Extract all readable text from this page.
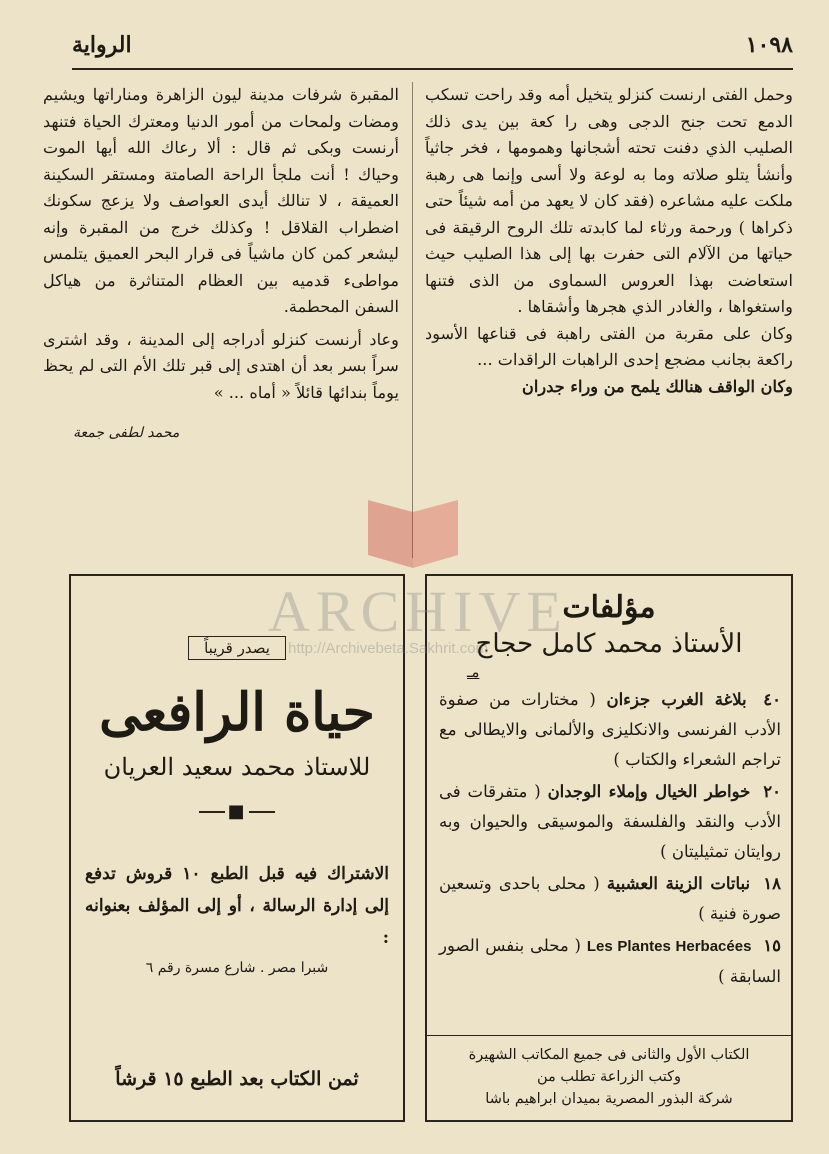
١٠٩٨
الرواية

وحمل الفتى ارنست كنزلو يتخيل أمه وقد راحت تسكب الدمع تحت جنح الدجى وهى را كعة بين يدى ذلك الصليب الذي دفنت تحته أشجانها وهمومها ، فخر جاثياً وأنشأ يتلو صلاته وما به لوعة ولا أسى وإنما هى رهبة ملكت عليه مشاعره (فقد كان لا يعهد من أمه شيئاً حتى ذكراها ) ورحمة ورثاء لما كابدته تلك الروح الرقيقة فى حياتها من الآلام التى حفرت بها إلى هذا الصليب حيث استعاضت بهذا العروس السماوى من الذى فتنها واستغواها ، والغادر الذي هجرها وأشقاها .

وكان على مقربة من الفتى راهبة فى قناعها الأسود راكعة بجانب مضجع إحدى الراهبات الراقدات ...

وكان الواقف هنالك يلمح من وراء جدران

المقبرة شرفات مدينة ليون الزاهرة ومناراتها ويشيم ومضات ولمحات من أمور الدنيا ومعترك الحياة فتنهد أرنست وبكى ثم قال : ألا رعاك الله أيها الموت وحياك ! أنت ملجأ الراحة الصامتة ومستقر السكينة العميقة ، لا تنالك أيدى العواصف ولا يزعج سكونك اضطراب القلاقل ! وكذلك خرج من المقبرة وإنه ليشعر كمن كان ماشياً فى قرار البحر العميق يتلمس مواطىء قدميه بين العظام المتناثرة من هياكل السفن المحطمة.

وعاد أرنست كنزلو أدراجه إلى المدينة ، وقد اشترى سراً بسر بعد أن اهتدى إلى قبر تلك الأم التى لم يحظ يوماً بندائها قائلاً « أماه ... »

محمد لطفى جمعة
مؤلفات
الأستاذ محمد كامل حجاج
مـ
٤٠ بلاغة الغرب جزءان ( مختارات من صفوة الأدب الفرنسى والانكليزى والألمانى والايطالى مع تراجم الشعراء والكتاب )
٢٠ خواطر الخيال وإملاء الوجدان ( متفرقات فى الأدب والنقد والفلسفة والموسيقى والحيوان وبه روايتان تمثيليتان )
١٨ نباتات الزينة العشبية ( محلى باحدى وتسعين صورة فنية )
١٥ Les Plantes Herbacées ( محلى بنفس الصور السابقة )
الكتاب الأول والثانى فى جميع المكاتب الشهيرة
وكتب الزراعة تطلب من
شركة البذور المصرية بميدان ابراهيم باشا
يصدر قريباً
حياة الرافعى
للاستاذ محمد سعيد العريان
■
الاشتراك فيه قبل الطبع ١٠ قروش تدفع إلى إدارة الرسالة ، أو إلى المؤلف بعنوانه :
شبرا مصر . شارع مسرة رقم ٦
ثمن الكتاب بعد الطبع ١٥ قرشاً
ARCHIVE
http://Archivebeta.Sakhrit.com
